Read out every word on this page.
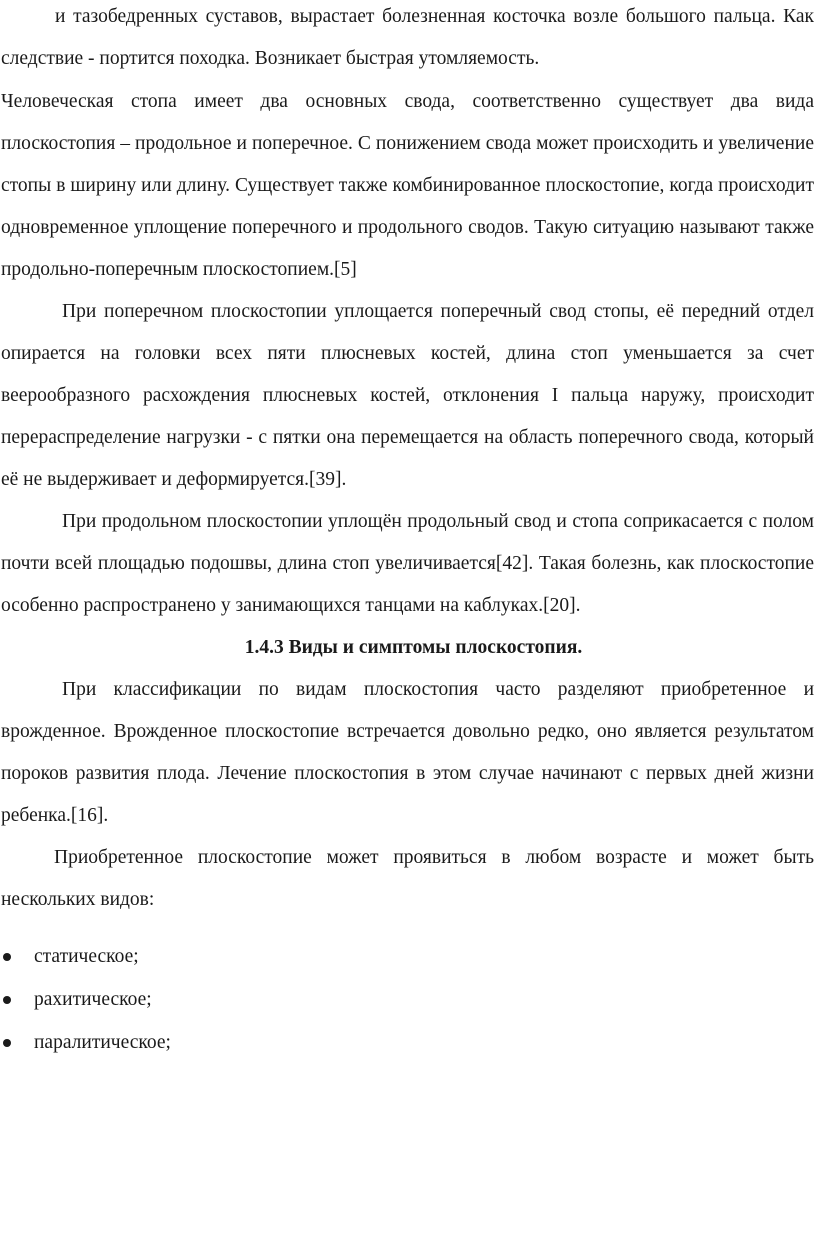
и тазобедренных суставов, вырастает болезненная косточка возле большого пальца. Как следствие - портится походка. Возникает быстрая утомляемость.

Человеческая стопа имеет два основных свода, соответственно существует два вида плоскостопия – продольное и поперечное. С понижением свода может происходить и увеличение стопы в ширину или длину. Существует также комбинированное плоскостопие, когда происходит одновременное уплощение поперечного и продольного сводов. Такую ситуацию называют также продольно-поперечным плоскостопием.[5]

При поперечном плоскостопии уплощается поперечный свод стопы, её передний отдел опирается на головки всех пяти плюсневых костей, длина стоп уменьшается за счет веерообразного расхождения плюсневых костей, отклонения I пальца наружу, происходит перераспределение нагрузки - с пятки она перемещается на область поперечного свода, который её не выдерживает и деформируется.[39].

При продольном плоскостопии уплощён продольный свод и стопа соприкасается с полом почти всей площадью подошвы, длина стоп увеличивается[42]. Такая болезнь, как плоскостопие особенно распространено у занимающихся танцами на каблуках.[20].

1.4.3 Виды и симптомы плоскостопия.

При классификации по видам плоскостопия часто разделяют приобретенное и врожденное. Врожденное плоскостопие встречается довольно редко, оно является результатом пороков развития плода. Лечение плоскостопия в этом случае начинают с первых дней жизни ребенка.[16].

Приобретенное плоскостопие может проявиться в любом возрасте и может быть нескольких видов:

статическое;
рахитическое;
паралитическое;
